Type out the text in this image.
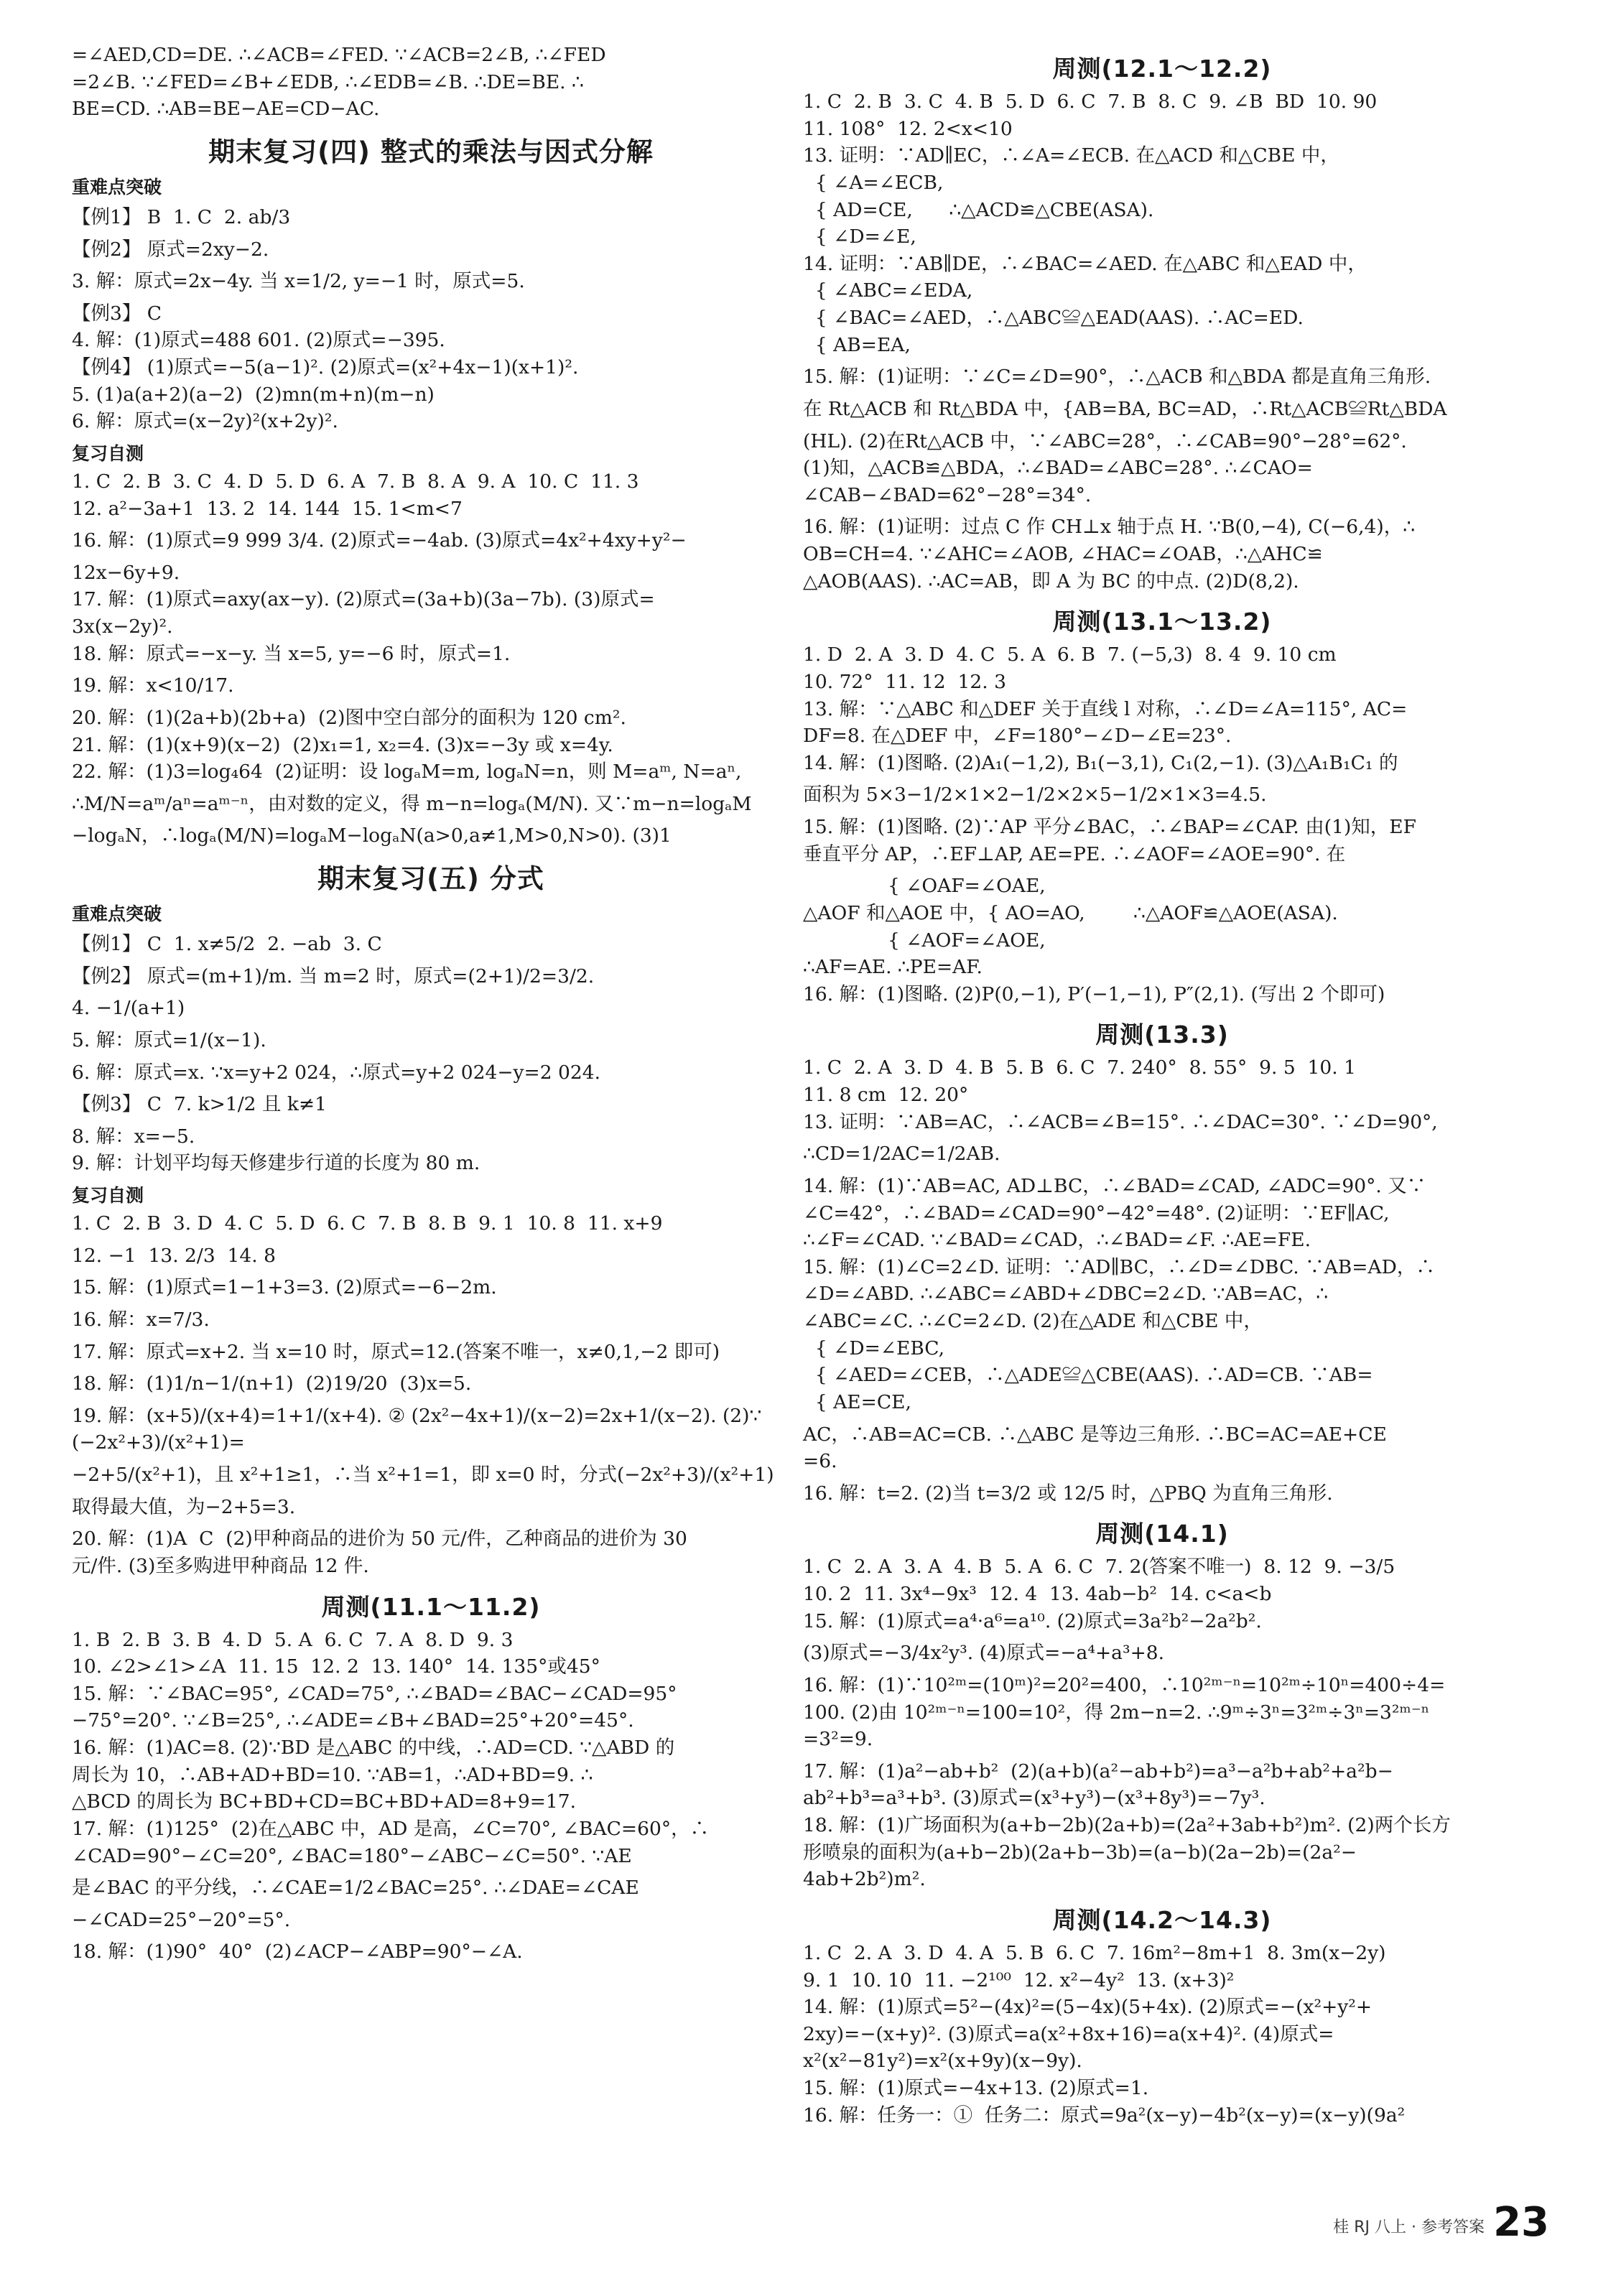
=∠AED,CD=DE. ∴∠ACB=∠FED. ∵∠ACB=2∠B, ∴∠FED
=2∠B. ∵∠FED=∠B+∠EDB, ∴∠EDB=∠B. ∴DE=BE. ∴
BE=CD. ∴AB=BE−AE=CD−AC.
期末复习(四) 整式的乘法与因式分解
重难点突破
【例1】 B  1. C  2. ab/3
【例2】 原式=2xy−2.
3. 解：原式=2x−4y. 当 x=1/2, y=−1 时，原式=5.
【例3】 C
4. 解：(1)原式=488 601. (2)原式=−395.
【例4】 (1)原式=−5(a−1)². (2)原式=(x²+4x−1)(x+1)².
5. (1)a(a+2)(a−2)  (2)mn(m+n)(m−n)
6. 解：原式=(x−2y)²(x+2y)².
复习自测
1. C  2. B  3. C  4. D  5. D  6. A  7. B  8. A  9. A  10. C  11. 3
12. a²−3a+1  13. 2  14. 144  15. 1<m<7
16. 解：(1)原式=9 999 3/4. (2)原式=−4ab. (3)原式=4x²+4xy+y²−
12x−6y+9.
17. 解：(1)原式=axy(ax−y). (2)原式=(3a+b)(3a−7b). (3)原式=
3x(x−2y)².
18. 解：原式=−x−y. 当 x=5, y=−6 时，原式=1.
19. 解：x<10/17.
20. 解：(1)(2a+b)(2b+a)  (2)图中空白部分的面积为 120 cm².
21. 解：(1)(x+9)(x−2)  (2)x₁=1, x₂=4. (3)x=−3y 或 x=4y.
22. 解：(1)3=log₄64  (2)证明：设 logₐM=m, logₐN=n，则 M=aᵐ, N=aⁿ,
∴M/N=aᵐ/aⁿ=aᵐ⁻ⁿ，由对数的定义，得 m−n=logₐ(M/N). 又∵m−n=logₐM
−logₐN，∴logₐ(M/N)=logₐM−logₐN(a>0,a≠1,M>0,N>0). (3)1
期末复习(五) 分式
重难点突破
【例1】 C  1. x≠5/2  2. −ab  3. C
【例2】 原式=(m+1)/m. 当 m=2 时，原式=(2+1)/2=3/2.
4. −1/(a+1)
5. 解：原式=1/(x−1).
6. 解：原式=x. ∵x=y+2 024，∴原式=y+2 024−y=2 024.
【例3】 C  7. k>1/2 且 k≠1
8. 解：x=−5.
9. 解：计划平均每天修建步行道的长度为 80 m.
复习自测
1. C  2. B  3. D  4. C  5. D  6. C  7. B  8. B  9. 1  10. 8  11. x+9
12. −1  13. 2/3  14. 8
15. 解：(1)原式=1−1+3=3. (2)原式=−6−2m.
16. 解：x=7/3.
17. 解：原式=x+2. 当 x=10 时，原式=12.(答案不唯一，x≠0,1,−2 即可)
18. 解：(1)1/n−1/(n+1)  (2)19/20  (3)x=5.
19. 解：(x+5)/(x+4)=1+1/(x+4). ② (2x²−4x+1)/(x−2)=2x+1/(x−2). (2)∵(−2x²+3)/(x²+1)=
−2+5/(x²+1)，且 x²+1≥1，∴当 x²+1=1，即 x=0 时，分式(−2x²+3)/(x²+1)
取得最大值，为−2+5=3.
20. 解：(1)A  C  (2)甲种商品的进价为 50 元/件，乙种商品的进价为 30
元/件. (3)至多购进甲种商品 12 件.
周测(11.1～11.2)
1. B  2. B  3. B  4. D  5. A  6. C  7. A  8. D  9. 3
10. ∠2>∠1>∠A  11. 15  12. 2  13. 140°  14. 135°或45°
15. 解：∵∠BAC=95°, ∠CAD=75°, ∴∠BAD=∠BAC−∠CAD=95°
−75°=20°. ∵∠B=25°, ∴∠ADE=∠B+∠BAD=25°+20°=45°.
16. 解：(1)AC=8. (2)∵BD 是△ABC 的中线，∴AD=CD. ∵△ABD 的
周长为 10，∴AB+AD+BD=10. ∵AB=1，∴AD+BD=9. ∴
△BCD 的周长为 BC+BD+CD=BC+BD+AD=8+9=17.
17. 解：(1)125°  (2)在△ABC 中，AD 是高，∠C=70°, ∠BAC=60°，∴
∠CAD=90°−∠C=20°, ∠BAC=180°−∠ABC−∠C=50°. ∵AE
是∠BAC 的平分线，∴∠CAE=1/2∠BAC=25°. ∴∠DAE=∠CAE
−∠CAD=25°−20°=5°.
18. 解：(1)90°  40°  (2)∠ACP−∠ABP=90°−∠A.
周测(12.1～12.2)
1. C  2. B  3. C  4. B  5. D  6. C  7. B  8. C  9. ∠B  BD  10. 90
11. 108°  12. 2<x<10
13. 证明：∵AD∥EC，∴∠A=∠ECB. 在△ACD 和△CBE 中，
{ ∠A=∠ECB,
{ AD=CE,      ∴△ACD≌△CBE(ASA).
{ ∠D=∠E,
14. 证明：∵AB∥DE，∴∠BAC=∠AED. 在△ABC 和△EAD 中，
{ ∠ABC=∠EDA,
{ ∠BAC=∠AED，∴△ABC≌△EAD(AAS). ∴AC=ED.
{ AB=EA,
15. 解：(1)证明：∵∠C=∠D=90°，∴△ACB 和△BDA 都是直角三角形.
在 Rt△ACB 和 Rt△BDA 中，{AB=BA, BC=AD，∴Rt△ACB≌Rt△BDA
(HL). (2)在Rt△ACB 中，∵∠ABC=28°，∴∠CAB=90°−28°=62°.
(1)知，△ACB≌△BDA，∴∠BAD=∠ABC=28°. ∴∠CAO=
∠CAB−∠BAD=62°−28°=34°.
16. 解：(1)证明：过点 C 作 CH⊥x 轴于点 H. ∵B(0,−4), C(−6,4)，∴
OB=CH=4. ∵∠AHC=∠AOB, ∠HAC=∠OAB，∴△AHC≌
△AOB(AAS). ∴AC=AB，即 A 为 BC 的中点. (2)D(8,2).
周测(13.1～13.2)
1. D  2. A  3. D  4. C  5. A  6. B  7. (−5,3)  8. 4  9. 10 cm
10. 72°  11. 12  12. 3
13. 解：∵△ABC 和△DEF 关于直线 l 对称，∴∠D=∠A=115°, AC=
DF=8. 在△DEF 中，∠F=180°−∠D−∠E=23°.
14. 解：(1)图略. (2)A₁(−1,2), B₁(−3,1), C₁(2,−1). (3)△A₁B₁C₁ 的
面积为 5×3−1/2×1×2−1/2×2×5−1/2×1×3=4.5.
15. 解：(1)图略. (2)∵AP 平分∠BAC，∴∠BAP=∠CAP. 由(1)知，EF
垂直平分 AP，∴EF⊥AP, AE=PE. ∴∠AOF=∠AOE=90°. 在
{ ∠OAF=∠OAE,
△AOF 和△AOE 中，{ AO=AO,        ∴△AOF≌△AOE(ASA).
{ ∠AOF=∠AOE,
∴AF=AE. ∴PE=AF.
16. 解：(1)图略. (2)P(0,−1), P′(−1,−1), P″(2,1). (写出 2 个即可)
周测(13.3)
1. C  2. A  3. D  4. B  5. B  6. C  7. 240°  8. 55°  9. 5  10. 1
11. 8 cm  12. 20°
13. 证明：∵AB=AC，∴∠ACB=∠B=15°. ∴∠DAC=30°. ∵∠D=90°,
∴CD=1/2AC=1/2AB.
14. 解：(1)∵AB=AC, AD⊥BC，∴∠BAD=∠CAD, ∠ADC=90°. 又∵
∠C=42°，∴∠BAD=∠CAD=90°−42°=48°. (2)证明：∵EF∥AC,
∴∠F=∠CAD. ∵∠BAD=∠CAD，∴∠BAD=∠F. ∴AE=FE.
15. 解：(1)∠C=2∠D. 证明：∵AD∥BC，∴∠D=∠DBC. ∵AB=AD，∴
∠D=∠ABD. ∴∠ABC=∠ABD+∠DBC=2∠D. ∵AB=AC，∴
∠ABC=∠C. ∴∠C=2∠D. (2)在△ADE 和△CBE 中，
{ ∠D=∠EBC,
{ ∠AED=∠CEB，∴△ADE≌△CBE(AAS). ∴AD=CB. ∵AB=
{ AE=CE,
AC，∴AB=AC=CB. ∴△ABC 是等边三角形. ∴BC=AC=AE+CE
=6.
16. 解：t=2. (2)当 t=3/2 或 12/5 时，△PBQ 为直角三角形.
周测(14.1)
1. C  2. A  3. A  4. B  5. A  6. C  7. 2(答案不唯一)  8. 12  9. −3/5
10. 2  11. 3x⁴−9x³  12. 4  13. 4ab−b²  14. c<a<b
15. 解：(1)原式=a⁴·a⁶=a¹⁰. (2)原式=3a²b²−2a²b².
(3)原式=−3/4x²y³. (4)原式=−a⁴+a³+8.
16. 解：(1)∵10²ᵐ=(10ᵐ)²=20²=400，∴10²ᵐ⁻ⁿ=10²ᵐ÷10ⁿ=400÷4=
100. (2)由 10²ᵐ⁻ⁿ=100=10²，得 2m−n=2. ∴9ᵐ÷3ⁿ=3²ᵐ÷3ⁿ=3²ᵐ⁻ⁿ
=3²=9.
17. 解：(1)a²−ab+b²  (2)(a+b)(a²−ab+b²)=a³−a²b+ab²+a²b−
ab²+b³=a³+b³. (3)原式=(x³+y³)−(x³+8y³)=−7y³.
18. 解：(1)广场面积为(a+b−2b)(2a+b)=(2a²+3ab+b²)m². (2)两个长方
形喷泉的面积为(a+b−2b)(2a+b−3b)=(a−b)(2a−2b)=(2a²−
4ab+2b²)m².
周测(14.2～14.3)
1. C  2. A  3. D  4. A  5. B  6. C  7. 16m²−8m+1  8. 3m(x−2y)
9. 1  10. 10  11. −2¹⁰⁰  12. x²−4y²  13. (x+3)²
14. 解：(1)原式=5²−(4x)²=(5−4x)(5+4x). (2)原式=−(x²+y²+
2xy)=−(x+y)². (3)原式=a(x²+8x+16)=a(x+4)². (4)原式=
x²(x²−81y²)=x²(x+9y)(x−9y).
15. 解：(1)原式=−4x+13. (2)原式=1.
16. 解：任务一：①  任务二：原式=9a²(x−y)−4b²(x−y)=(x−y)(9a²
桂 RJ 八上 · 参考答案 23
